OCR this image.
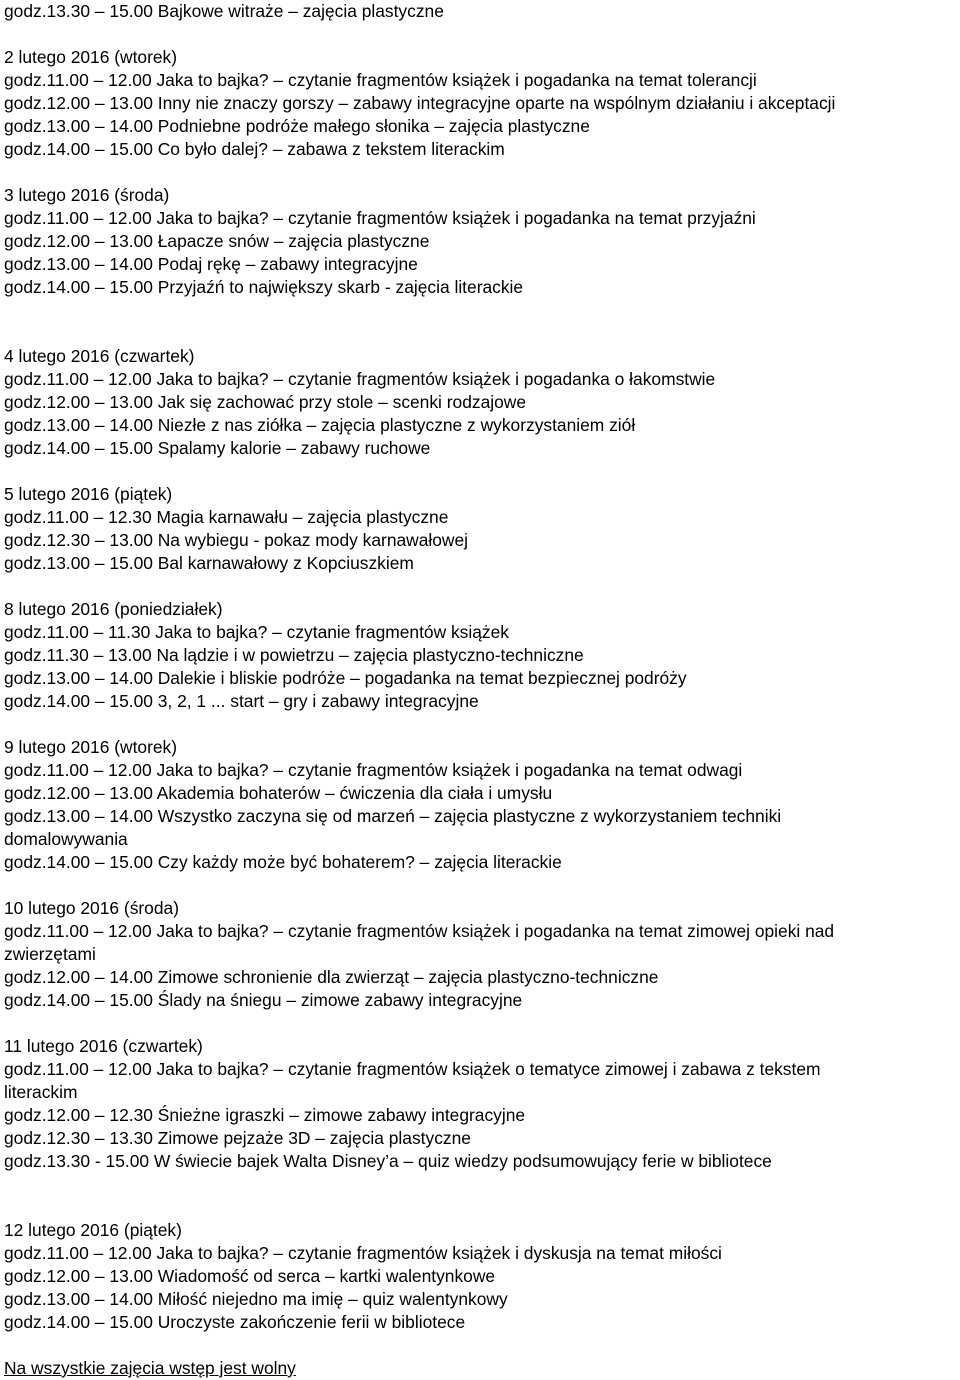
godz.13.30 – 15.00 Bajkowe witraże – zajęcia plastyczne
2 lutego 2016 (wtorek)
godz.11.00 – 12.00 Jaka to bajka? – czytanie fragmentów książek i pogadanka na temat tolerancji
godz.12.00 – 13.00 Inny nie znaczy gorszy – zabawy integracyjne oparte na wspólnym działaniu i akceptacji
godz.13.00 – 14.00 Podniebne podróże małego słonika – zajęcia plastyczne
godz.14.00 – 15.00 Co było dalej? – zabawa z tekstem literackim
3 lutego 2016 (środa)
godz.11.00 – 12.00 Jaka to bajka? – czytanie fragmentów książek i pogadanka na temat przyjaźni
godz.12.00 – 13.00 Łapacze snów – zajęcia plastyczne
godz.13.00 – 14.00 Podaj rękę – zabawy integracyjne
godz.14.00 – 15.00 Przyjaźń to największy skarb - zajęcia literackie
4 lutego 2016 (czwartek)
godz.11.00 – 12.00 Jaka to bajka? – czytanie fragmentów książek i pogadanka o łakomstwie
godz.12.00 – 13.00 Jak się zachować przy stole – scenki rodzajowe
godz.13.00 – 14.00 Niezłe z nas ziółka – zajęcia plastyczne z wykorzystaniem ziół
godz.14.00 – 15.00 Spalamy kalorie – zabawy ruchowe
5 lutego 2016 (piątek)
godz.11.00 – 12.30 Magia karnawału – zajęcia plastyczne
godz.12.30 – 13.00 Na wybiegu - pokaz mody karnawałowej
godz.13.00 – 15.00 Bal karnawałowy z Kopciuszkiem
8 lutego 2016 (poniedziałek)
godz.11.00 – 11.30 Jaka to bajka? – czytanie fragmentów książek
godz.11.30 – 13.00 Na lądzie i w powietrzu – zajęcia plastyczno-techniczne
godz.13.00 – 14.00 Dalekie i bliskie podróże – pogadanka na temat bezpiecznej podróży
godz.14.00 – 15.00 3, 2, 1 ... start – gry i zabawy integracyjne
9 lutego 2016 (wtorek)
godz.11.00 – 12.00 Jaka to bajka? – czytanie fragmentów książek i pogadanka na temat odwagi
godz.12.00 – 13.00 Akademia bohaterów – ćwiczenia dla ciała i umysłu
godz.13.00 – 14.00 Wszystko zaczyna się od marzeń – zajęcia plastyczne z wykorzystaniem techniki
domalowywania
godz.14.00 – 15.00 Czy każdy może być bohaterem? – zajęcia literackie
10 lutego 2016 (środa)
godz.11.00 – 12.00 Jaka to bajka? – czytanie fragmentów książek i pogadanka na temat zimowej opieki nad
zwierzętami
godz.12.00 – 14.00 Zimowe schronienie dla zwierząt – zajęcia plastyczno-techniczne
godz.14.00 – 15.00 Ślady na śniegu – zimowe zabawy integracyjne
11 lutego 2016 (czwartek)
godz.11.00 – 12.00 Jaka to bajka? – czytanie fragmentów książek o tematyce zimowej i zabawa z tekstem
literackim
godz.12.00 – 12.30 Śnieżne igraszki – zimowe zabawy integracyjne
godz.12.30 – 13.30 Zimowe pejzaże 3D – zajęcia plastyczne
godz.13.30 - 15.00 W świecie bajek Walta Disney’a – quiz wiedzy podsumowujący ferie w bibliotece
12 lutego 2016 (piątek)
godz.11.00 – 12.00 Jaka to bajka? – czytanie fragmentów książek i dyskusja na temat miłości
godz.12.00 – 13.00 Wiadomość od serca – kartki walentynkowe
godz.13.00 – 14.00 Miłość niejedno ma imię – quiz walentynkowy
godz.14.00 – 15.00 Uroczyste zakończenie ferii w bibliotece
Na wszystkie zajęcia wstęp jest wolny
